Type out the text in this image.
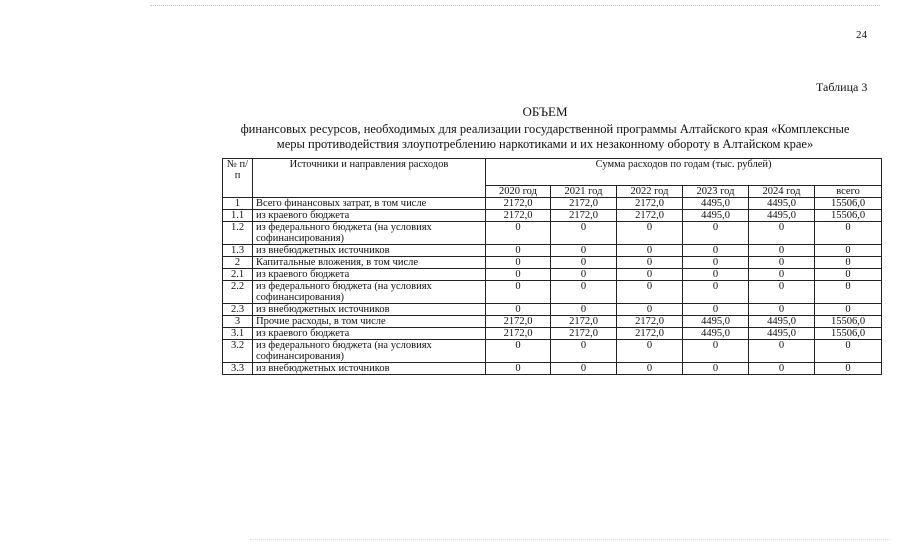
24
Таблица 3
ОБЪЕМ
финансовых ресурсов, необходимых для реализации государственной программы Алтайского края «Комплексные
меры противодействия злоупотреблению наркотиками и их незаконному обороту в Алтайском крае»
№ п/п	Источники и направления расходов	Сумма расходов по годам (тыс. рублей)					
		2020 год	2021 год	2022 год	2023 год	2024 год	всего
1	Всего финансовых затрат, в том числе	2172,0	2172,0	2172,0	4495,0	4495,0	15506,0
1.1	из краевого бюджета	2172,0	2172,0	2172,0	4495,0	4495,0	15506,0
1.2	из федерального бюджета (на условиях софинансирования)	0	0	0	0	0	0
1.3	из внебюджетных источников	0	0	0	0	0	0
2	Капитальные вложения, в том числе	0	0	0	0	0	0
2.1	из краевого бюджета	0	0	0	0	0	0
2.2	из федерального бюджета (на условиях софинансирования)	0	0	0	0	0	0
2.3	из внебюджетных источников	0	0	0	0	0	0
3	Прочие расходы, в том числе	2172,0	2172,0	2172,0	4495,0	4495,0	15506,0
3.1	из краевого бюджета	2172,0	2172,0	2172,0	4495,0	4495,0	15506,0
3.2	из федерального бюджета (на условиях софинансирования)	0	0	0	0	0	0
3.3	из внебюджетных источников	0	0	0	0	0	0
